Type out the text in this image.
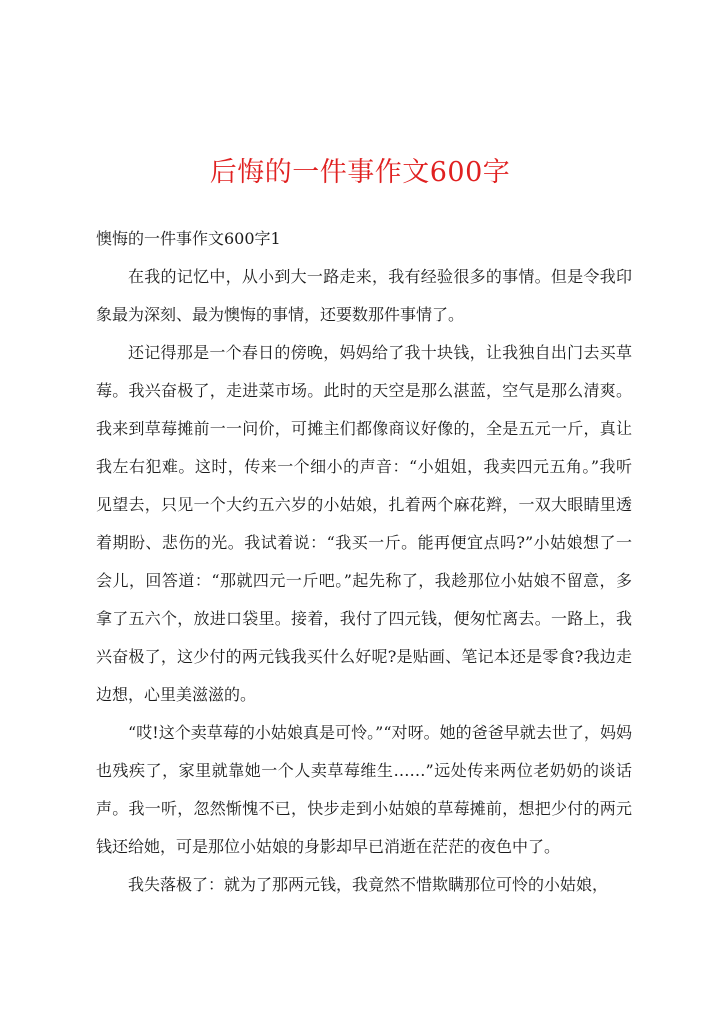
后悔的一件事作文600字

懊悔的一件事作文600字1

在我的记忆中，从小到大一路走来，我有经验很多的事情。但是令我印象最为深刻、最为懊悔的事情，还要数那件事情了。

还记得那是一个春日的傍晚，妈妈给了我十块钱，让我独自出门去买草莓。我兴奋极了，走进菜市场。此时的天空是那么湛蓝，空气是那么清爽。我来到草莓摊前一一问价，可摊主们都像商议好像的，全是五元一斤，真让我左右犯难。这时，传来一个细小的声音：“小姐姐，我卖四元五角。”我听见望去，只见一个大约五六岁的小姑娘，扎着两个麻花辫，一双大眼睛里透着期盼、悲伤的光。我试着说：“我买一斤。能再便宜点吗?”小姑娘想了一会儿，回答道：“那就四元一斤吧。”起先称了，我趁那位小姑娘不留意，多拿了五六个，放进口袋里。接着，我付了四元钱，便匆忙离去。一路上，我兴奋极了，这少付的两元钱我买什么好呢?是贴画、笔记本还是零食?我边走边想，心里美滋滋的。

“哎!这个卖草莓的小姑娘真是可怜。”“对呀。她的爸爸早就去世了，妈妈也残疾了，家里就靠她一个人卖草莓维生……”远处传来两位老奶奶的谈话声。我一听，忽然惭愧不已，快步走到小姑娘的草莓摊前，想把少付的两元钱还给她，可是那位小姑娘的身影却早已消逝在茫茫的夜色中了。

我失落极了：就为了那两元钱，我竟然不惜欺瞒那位可怜的小姑娘，
